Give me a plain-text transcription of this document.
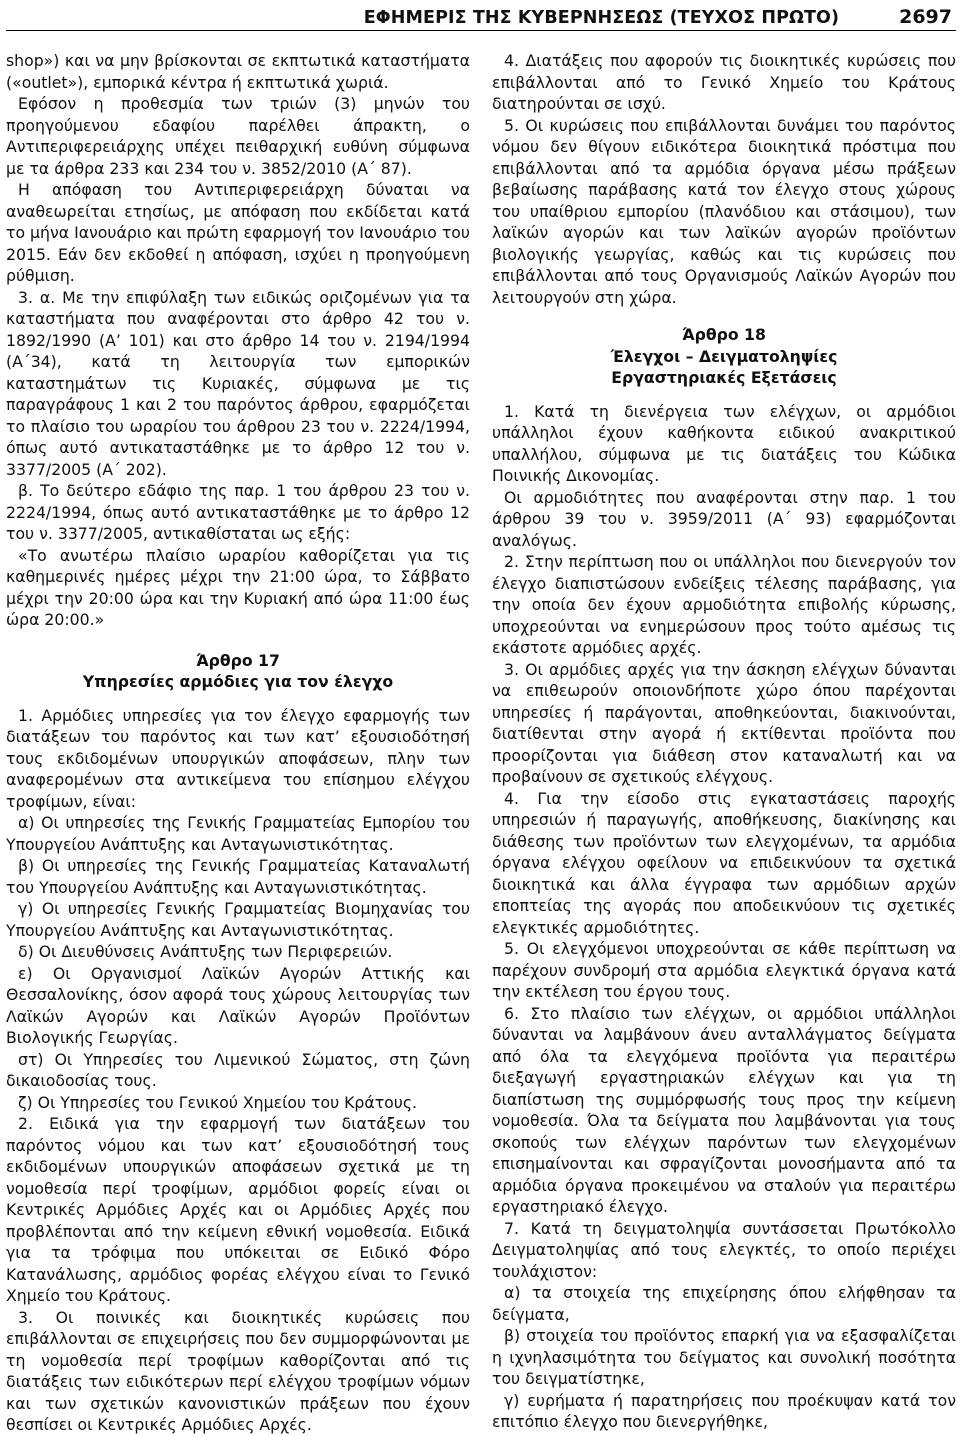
ΕΦΗΜΕΡΙΣ ΤΗΣ ΚΥΒΕΡΝΗΣΕΩΣ (ΤΕΥΧΟΣ ΠΡΩΤΟ)	2697

shop») και να μην βρίσκονται σε εκπτωτικά καταστήματα («outlet»), εμπορικά κέντρα ή εκπτωτικά χωριά.

Εφόσον η προθεσμία των τριών (3) μηνών του προηγούμενου εδαφίου παρέλθει άπρακτη, ο Αντιπεριφερειάρχης υπέχει πειθαρχική ευθύνη σύμφωνα με τα άρθρα 233 και 234 του ν. 3852/2010 (Α΄ 87).

Η απόφαση του Αντιπεριφερειάρχη δύναται να αναθεωρείται ετησίως, με απόφαση που εκδίδεται κατά το μήνα Ιανουάριο και πρώτη εφαρμογή τον Ιανουάριο του 2015. Εάν δεν εκδοθεί η απόφαση, ισχύει η προηγούμενη ρύθμιση.

3. α. Με την επιφύλαξη των ειδικώς οριζομένων για τα καταστήματα που αναφέρονται στο άρθρο 42 του ν. 1892/1990 (Α’ 101) και στο άρθρο 14 του ν. 2194/1994 (Α΄34), κατά τη λειτουργία των εμπορικών καταστημάτων τις Κυριακές, σύμφωνα με τις παραγράφους 1 και 2 του παρόντος άρθρου, εφαρμόζεται το πλαίσιο του ωραρίου του άρθρου 23 του ν. 2224/1994, όπως αυτό αντικαταστάθηκε με το άρθρο 12 του ν. 3377/2005 (Α΄ 202).

β. Το δεύτερο εδάφιο της παρ. 1 του άρθρου 23 του ν. 2224/1994, όπως αυτό αντικαταστάθηκε με το άρθρο 12 του ν. 3377/2005, αντικαθίσταται ως εξής:

«Το ανωτέρω πλαίσιο ωραρίου καθορίζεται για τις καθημερινές ημέρες μέχρι την 21:00 ώρα, το Σάββατο μέχρι την 20:00 ώρα και την Κυριακή από ώρα 11:00 έως ώρα 20:00.»

Άρθρο 17
Υπηρεσίες αρμόδιες για τον έλεγχο

1. Αρμόδιες υπηρεσίες για τον έλεγχο εφαρμογής των διατάξεων του παρόντος και των κατ’ εξουσιοδότησή τους εκδιδομένων υπουργικών αποφάσεων, πλην των αναφερομένων στα αντικείμενα του επίσημου ελέγχου τροφίμων, είναι:

α) Οι υπηρεσίες της Γενικής Γραμματείας Εμπορίου του Υπουργείου Ανάπτυξης και Ανταγωνιστικότητας.

β) Οι υπηρεσίες της Γενικής Γραμματείας Καταναλωτή του Υπουργείου Ανάπτυξης και Ανταγωνιστικότητας.

γ) Οι υπηρεσίες Γενικής Γραμματείας Βιομηχανίας του Υπουργείου Ανάπτυξης και Ανταγωνιστικότητας.

δ) Οι Διευθύνσεις Ανάπτυξης των Περιφερειών.

ε) Οι Οργανισμοί Λαϊκών Αγορών Αττικής και Θεσσαλονίκης, όσον αφορά τους χώρους λειτουργίας των Λαϊκών Αγορών και Λαϊκών Αγορών Προϊόντων Βιολογικής Γεωργίας.

στ) Οι Υπηρεσίες του Λιμενικού Σώματος, στη ζώνη δικαιοδοσίας τους.

ζ) Οι Υπηρεσίες του Γενικού Χημείου του Κράτους.

2. Ειδικά για την εφαρμογή των διατάξεων του παρόντος νόμου και των κατ’ εξουσιοδότησή τους εκδιδομένων υπουργικών αποφάσεων σχετικά με τη νομοθεσία περί τροφίμων, αρμόδιοι φορείς είναι οι Κεντρικές Αρμόδιες Αρχές και οι Αρμόδιες Αρχές που προβλέπονται από την κείμενη εθνική νομοθεσία. Ειδικά για τα τρόφιμα που υπόκειται σε Ειδικό Φόρο Κατανάλωσης, αρμόδιος φορέας ελέγχου είναι το Γενικό Χημείο του Κράτους.

3. Οι ποινικές και διοικητικές κυρώσεις που επιβάλλονται σε επιχειρήσεις που δεν συμμορφώνονται με τη νομοθεσία περί τροφίμων καθορίζονται από τις διατάξεις των ειδικότερων περί ελέγχου τροφίμων νόμων και των σχετικών κανονιστικών πράξεων που έχουν θεσπίσει οι Κεντρικές Αρμόδιες Αρχές.

4. Διατάξεις που αφορούν τις διοικητικές κυρώσεις που επιβάλλονται από το Γενικό Χημείο του Κράτους διατηρούνται σε ισχύ.

5. Οι κυρώσεις που επιβάλλονται δυνάμει του παρόντος νόμου δεν θίγουν ειδικότερα διοικητικά πρόστιμα που επιβάλλονται από τα αρμόδια όργανα μέσω πράξεων βεβαίωσης παράβασης κατά τον έλεγχο στους χώρους του υπαίθριου εμπορίου (πλανόδιου και στάσιμου), των λαϊκών αγορών και των λαϊκών αγορών προϊόντων βιολογικής γεωργίας, καθώς και τις κυρώσεις που επιβάλλονται από τους Οργανισμούς Λαϊκών Αγορών που λειτουργούν στη χώρα.

Άρθρο 18
Έλεγχοι – Δειγματοληψίες
Εργαστηριακές Εξετάσεις

1. Κατά τη διενέργεια των ελέγχων, οι αρμόδιοι υπάλληλοι έχουν καθήκοντα ειδικού ανακριτικού υπαλλήλου, σύμφωνα με τις διατάξεις του Κώδικα Ποινικής Δικονομίας.

Οι αρμοδιότητες που αναφέρονται στην παρ. 1 του άρθρου 39 του ν. 3959/2011 (Α΄ 93) εφαρμόζονται αναλόγως.

2. Στην περίπτωση που οι υπάλληλοι που διενεργούν τον έλεγχο διαπιστώσουν ενδείξεις τέλεσης παράβασης, για την οποία δεν έχουν αρμοδιότητα επιβολής κύρωσης, υποχρεούνται να ενημερώσουν προς τούτο αμέσως τις εκάστοτε αρμόδιες αρχές.

3. Οι αρμόδιες αρχές για την άσκηση ελέγχων δύνανται να επιθεωρούν οποιονδήποτε χώρο όπου παρέχονται υπηρεσίες ή παράγονται, αποθηκεύονται, διακινούνται, διατίθενται στην αγορά ή εκτίθενται προϊόντα που προορίζονται για διάθεση στον καταναλωτή και να προβαίνουν σε σχετικούς ελέγχους.

4. Για την είσοδο στις εγκαταστάσεις παροχής υπηρεσιών ή παραγωγής, αποθήκευσης, διακίνησης και διάθεσης των προϊόντων των ελεγχομένων, τα αρμόδια όργανα ελέγχου οφείλουν να επιδεικνύουν τα σχετικά διοικητικά και άλλα έγγραφα των αρμόδιων αρχών εποπτείας της αγοράς που αποδεικνύουν τις σχετικές ελεγκτικές αρμοδιότητες.

5. Οι ελεγχόμενοι υποχρεούνται σε κάθε περίπτωση να παρέχουν συνδρομή στα αρμόδια ελεγκτικά όργανα κατά την εκτέλεση του έργου τους.

6. Στο πλαίσιο των ελέγχων, οι αρμόδιοι υπάλληλοι δύνανται να λαμβάνουν άνευ ανταλλάγματος δείγματα από όλα τα ελεγχόμενα προϊόντα για περαιτέρω διεξαγωγή εργαστηριακών ελέγχων και για τη διαπίστωση της συμμόρφωσής τους προς την κείμενη νομοθεσία. Όλα τα δείγματα που λαμβάνονται για τους σκοπούς των ελέγχων παρόντων των ελεγχομένων επισημαίνονται και σφραγίζονται μονοσήμαντα από τα αρμόδια όργανα προκειμένου να σταλούν για περαιτέρω εργαστηριακό έλεγχο.

7. Κατά τη δειγματοληψία συντάσσεται Πρωτόκολλο Δειγματοληψίας από τους ελεγκτές, το οποίο περιέχει τουλάχιστον:

α) τα στοιχεία της επιχείρησης όπου ελήφθησαν τα δείγματα,

β) στοιχεία του προϊόντος επαρκή για να εξασφαλίζεται η ιχνηλασιμότητα του δείγματος και συνολική ποσότητα του δειγματίστηκε,

γ) ευρήματα ή παρατηρήσεις που προέκυψαν κατά τον επιτόπιο έλεγχο που διενεργήθηκε,
